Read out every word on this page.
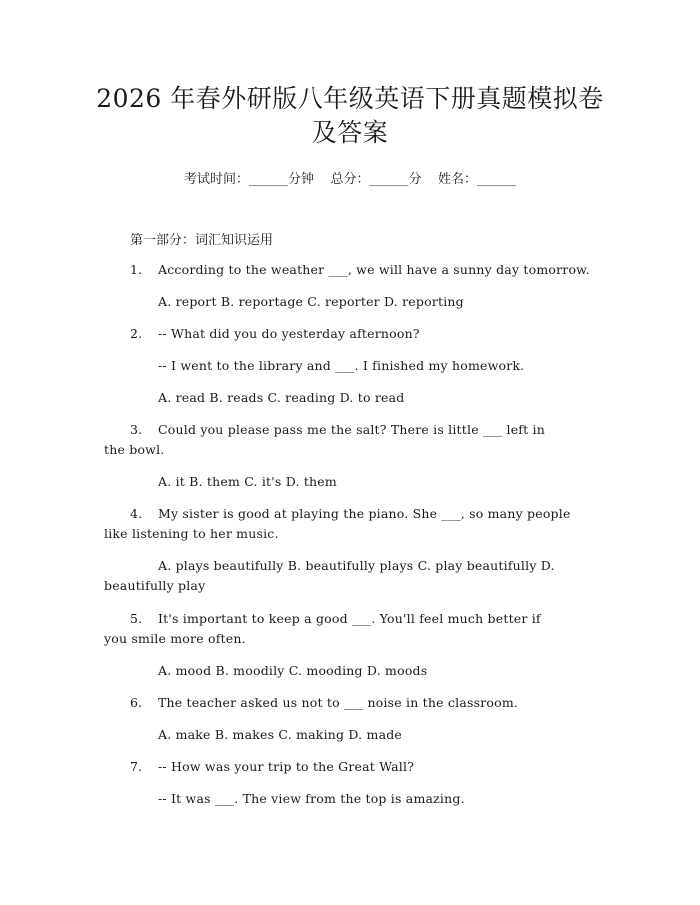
2026 年春外研版八年级英语下册真题模拟卷
及答案
考试时间：______分钟    总分：______分    姓名：______
第一部分：词汇知识运用
1. According to the weather ___, we will have a sunny day tomorrow.
A. report B. reportage C. reporter D. reporting
2. -- What did you do yesterday afternoon?
-- I went to the library and ___. I finished my homework.
A. read B. reads C. reading D. to read
3. Could you please pass me the salt? There is little ___ left in
the bowl.
A. it B. them C. it's D. them
4. My sister is good at playing the piano. She ___, so many people
like listening to her music.
A. plays beautifully B. beautifully plays C. play beautifully D.
beautifully play
5. It's important to keep a good ___. You'll feel much better if
you smile more often.
A. mood B. moodily C. mooding D. moods
6. The teacher asked us not to ___ noise in the classroom.
A. make B. makes C. making D. made
7. -- How was your trip to the Great Wall?
-- It was ___. The view from the top is amazing.
